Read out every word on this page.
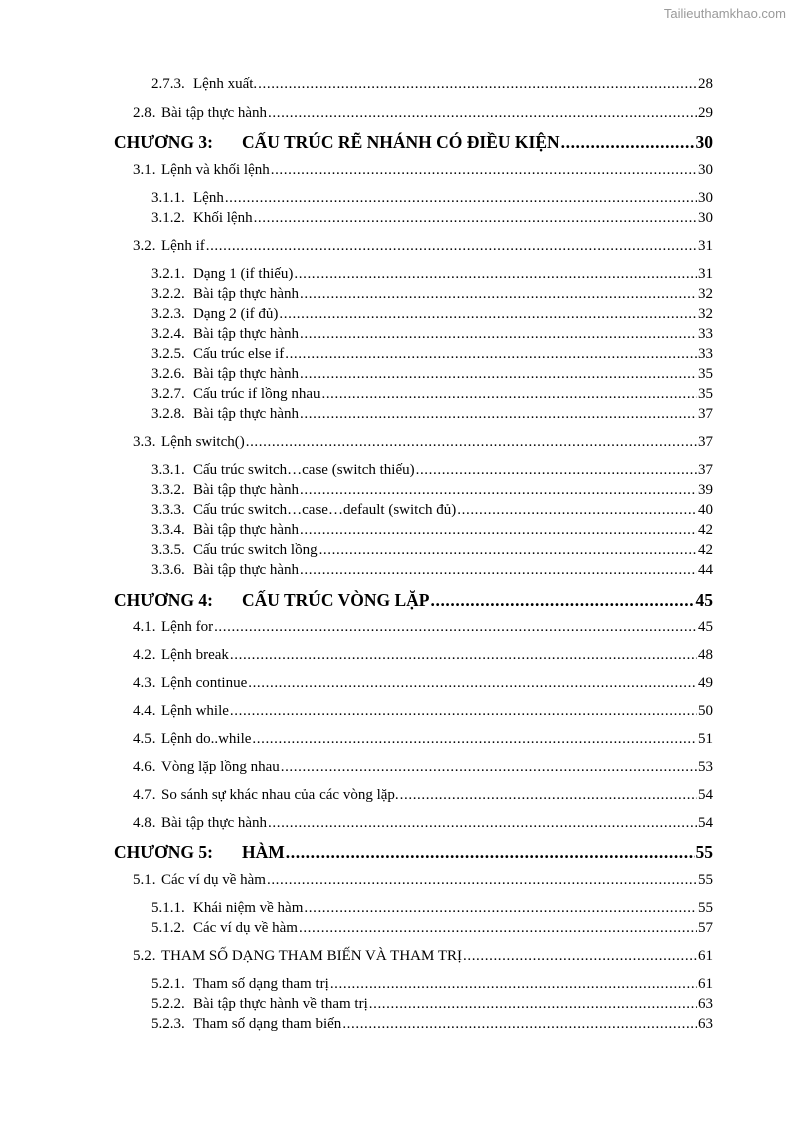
Tailieuthamkhao.com
2.7.3. Lệnh xuất. .....	28
2.8. Bài tập thực hành .....	29
CHƯƠNG 3:	CẤU TRÚC RẼ NHÁNH CÓ ĐIỀU KIỆN .....	30
3.1. Lệnh và khối lệnh .....	30
3.1.1. Lệnh .....	30
3.1.2. Khối lệnh .....	30
3.2. Lệnh if .....	31
3.2.1. Dạng 1 (if thiếu) .....	31
3.2.2. Bài tập thực hành .....	32
3.2.3. Dạng 2 (if đủ) .....	32
3.2.4. Bài tập thực hành .....	33
3.2.5. Cấu trúc else if .....	33
3.2.6. Bài tập thực hành .....	35
3.2.7. Cấu trúc if lồng nhau .....	35
3.2.8. Bài tập thực hành .....	37
3.3. Lệnh switch() .....	37
3.3.1. Cấu trúc switch…case (switch thiếu) .....	37
3.3.2. Bài tập thực hành .....	39
3.3.3. Cấu trúc switch…case…default (switch đủ) .....	40
3.3.4. Bài tập thực hành .....	42
3.3.5. Cấu trúc switch lồng .....	42
3.3.6. Bài tập thực hành .....	44
CHƯƠNG 4:	CẤU TRÚC VÒNG LẶP .....	45
4.1. Lệnh for .....	45
4.2. Lệnh break .....	48
4.3. Lệnh continue .....	49
4.4. Lệnh while .....	50
4.5. Lệnh do..while .....	51
4.6. Vòng lặp lồng nhau .....	53
4.7. So sánh sự khác nhau của các vòng lặp. .....	54
4.8. Bài tập thực hành .....	54
CHƯƠNG 5:	HÀM .....	55
5.1. Các ví dụ về hàm .....	55
5.1.1. Khái niệm về hàm .....	55
5.1.2. Các ví dụ về hàm .....	57
5.2. THAM SỐ DẠNG THAM BIẾN VÀ THAM TRỊ .....	61
5.2.1. Tham số dạng tham trị .....	61
5.2.2. Bài tập thực hành về tham trị .....	63
5.2.3. Tham số dạng tham biến .....	63
